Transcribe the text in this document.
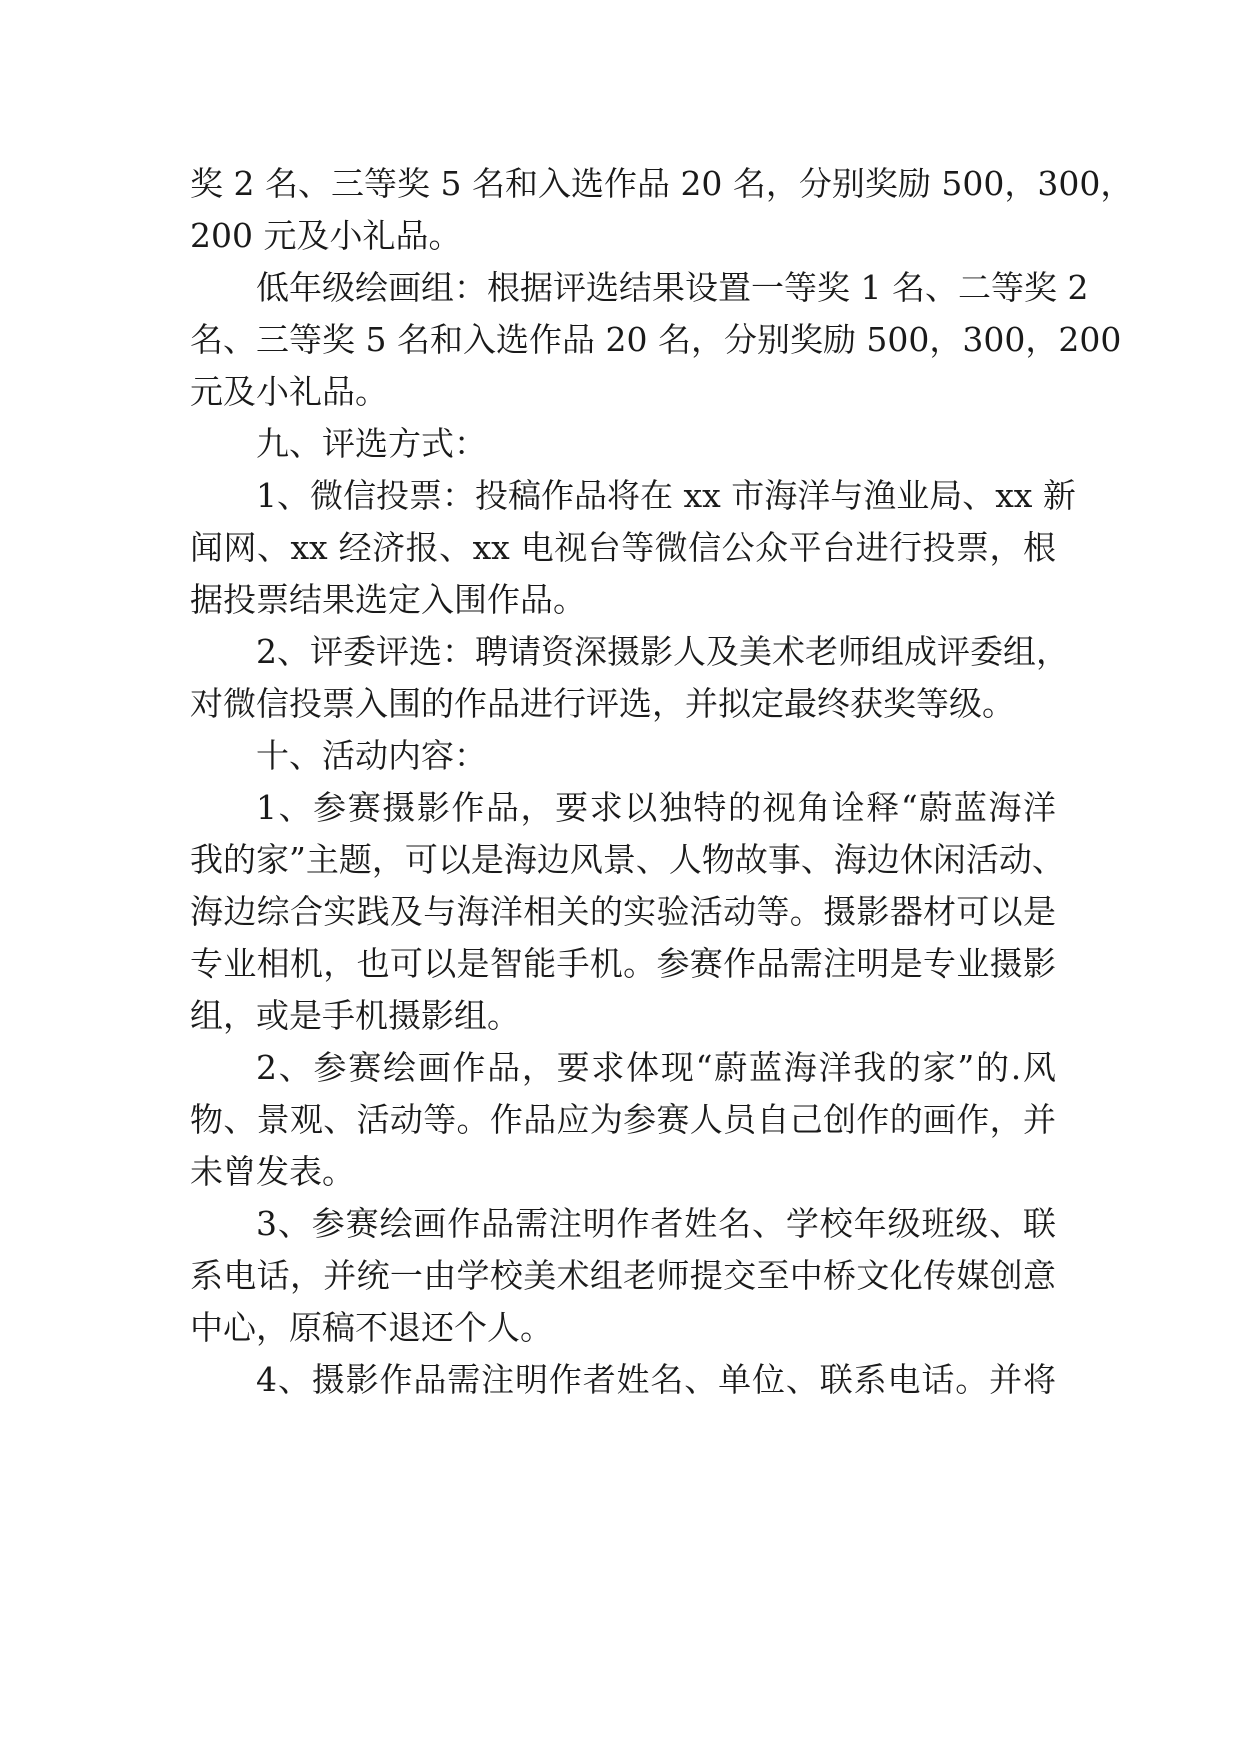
奖 2 名、三等奖 5 名和入选作品 20 名，分别奖励 500，300，
200 元及小礼品。
低年级绘画组：根据评选结果设置一等奖 1 名、二等奖 2
名、三等奖 5 名和入选作品 20 名，分别奖励 500，300，200
元及小礼品。
九、评选方式：
1、微信投票：投稿作品将在 xx 市海洋与渔业局、xx 新
闻网、xx 经济报、xx 电视台等微信公众平台进行投票，根
据投票结果选定入围作品。
2、评委评选：聘请资深摄影人及美术老师组成评委组，
对微信投票入围的作品进行评选，并拟定最终获奖等级。
十、活动内容：
1、参赛摄影作品，要求以独特的视角诠释“蔚蓝海洋
我的家”主题，可以是海边风景、人物故事、海边休闲活动、
海边综合实践及与海洋相关的实验活动等。摄影器材可以是
专业相机，也可以是智能手机。参赛作品需注明是专业摄影
组，或是手机摄影组。
2、参赛绘画作品，要求体现“蔚蓝海洋我的家”的.风
物、景观、活动等。作品应为参赛人员自己创作的画作，并
未曾发表。
3、参赛绘画作品需注明作者姓名、学校年级班级、联
系电话，并统一由学校美术组老师提交至中桥文化传媒创意
中心，原稿不退还个人。
4、摄影作品需注明作者姓名、单位、联系电话。并将
